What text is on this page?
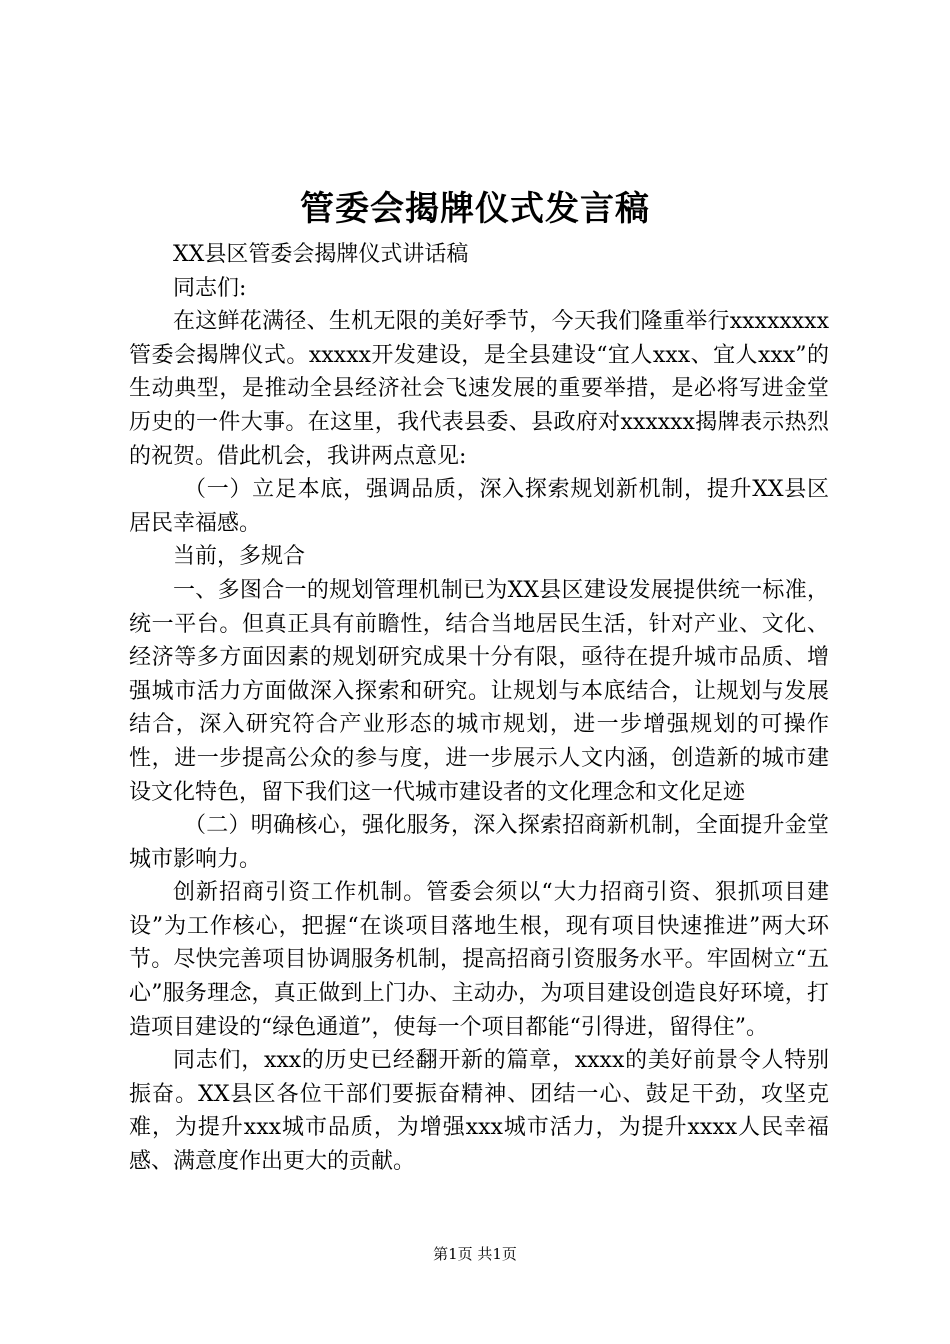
管委会揭牌仪式发言稿

XX县区管委会揭牌仪式讲话稿

同志们:

在这鲜花满径、生机无限的美好季节，今天我们隆重举行xxxxxxxx管委会揭牌仪式。xxxxx开发建设，是全县建设“宜人xxx、宜人xxx”的生动典型，是推动全县经济社会飞速发展的重要举措，是必将写进金堂历史的一件大事。在这里，我代表县委、县政府对xxxxxx揭牌表示热烈的祝贺。借此机会，我讲两点意见:

（一）立足本底，强调品质，深入探索规划新机制，提升XX县区居民幸福感。

当前，多规合

一、多图合一的规划管理机制已为XX县区建设发展提供统一标准，统一平台。但真正具有前瞻性，结合当地居民生活，针对产业、文化、经济等多方面因素的规划研究成果十分有限，亟待在提升城市品质、增强城市活力方面做深入探索和研究。让规划与本底结合，让规划与发展结合，深入研究符合产业形态的城市规划，进一步增强规划的可操作性，进一步提高公众的参与度，进一步展示人文内涵，创造新的城市建设文化特色，留下我们这一代城市建设者的文化理念和文化足迹

（二）明确核心，强化服务，深入探索招商新机制，全面提升金堂城市影响力。

创新招商引资工作机制。管委会须以“大力招商引资、狠抓项目建设”为工作核心，把握“在谈项目落地生根，现有项目快速推进”两大环节。尽快完善项目协调服务机制，提高招商引资服务水平。牢固树立“五心”服务理念，真正做到上门办、主动办，为项目建设创造良好环境，打造项目建设的“绿色通道”，使每一个项目都能“引得进，留得住”。

同志们，xxx的历史已经翻开新的篇章，xxxx的美好前景令人特别振奋。XX县区各位干部们要振奋精神、团结一心、鼓足干劲，攻坚克难，为提升xxx城市品质，为增强xxx城市活力，为提升xxxx人民幸福感、满意度作出更大的贡献。

第1页 共1页
